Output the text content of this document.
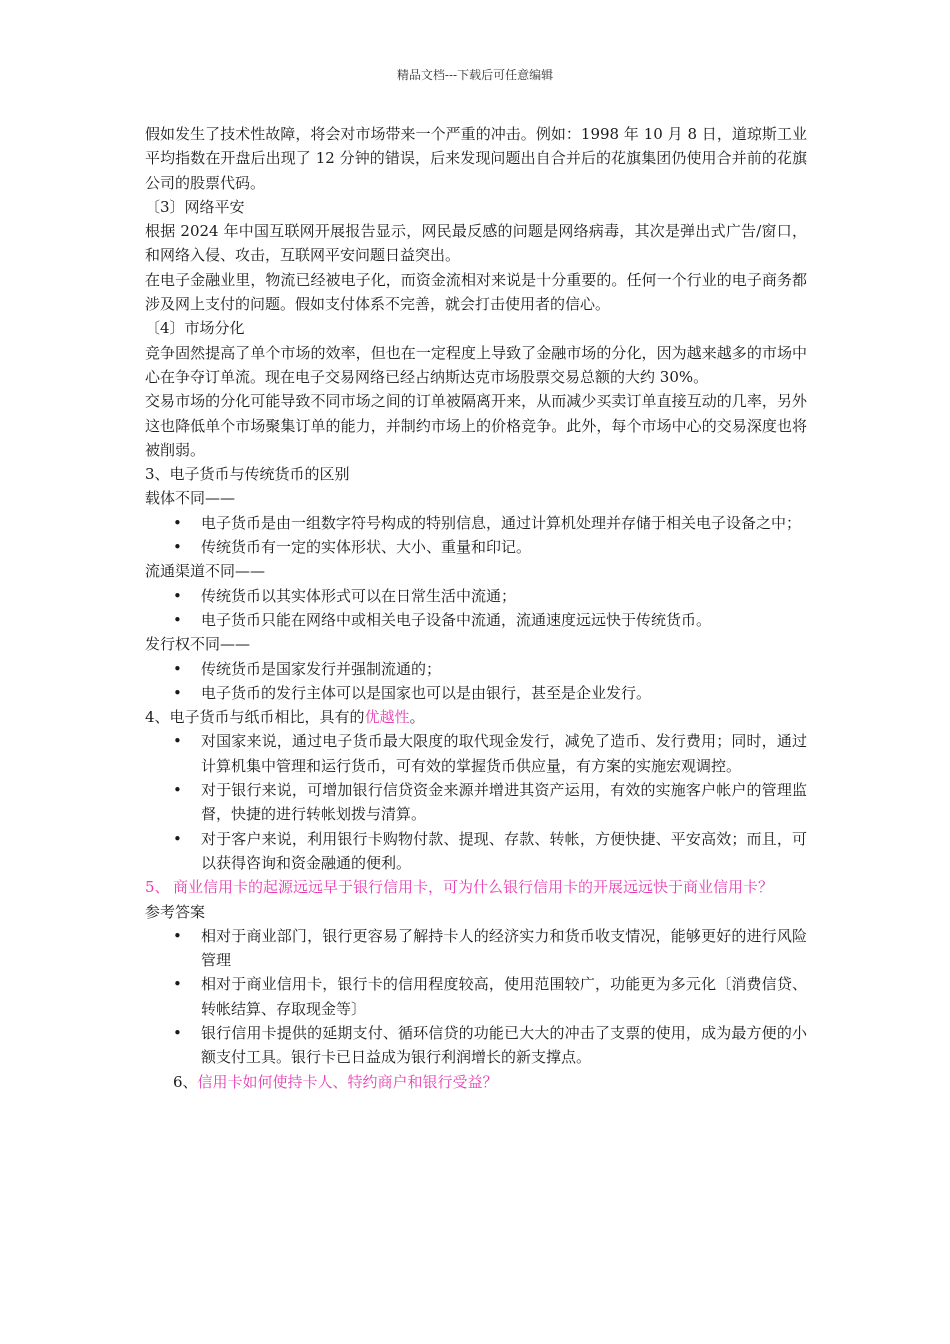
精品文档---下载后可任意编辑

假如发生了技术性故障，将会对市场带来一个严重的冲击。例如：1998 年 10 月 8 日，道琼斯工业平均指数在开盘后出现了 12 分钟的错误，后来发现问题出自合并后的花旗集团仍使用合并前的花旗公司的股票代码。

〔3〕网络平安

根据 2024 年中国互联网开展报告显示，网民最反感的问题是网络病毒，其次是弹出式广告/窗口，和网络入侵、攻击，互联网平安问题日益突出。

在电子金融业里，物流已经被电子化，而资金流相对来说是十分重要的。任何一个行业的电子商务都涉及网上支付的问题。假如支付体系不完善，就会打击使用者的信心。

〔4〕市场分化

竞争固然提高了单个市场的效率，但也在一定程度上导致了金融市场的分化，因为越来越多的市场中心在争夺订单流。现在电子交易网络已经占纳斯达克市场股票交易总额的大约 30%。

交易市场的分化可能导致不同市场之间的订单被隔离开来，从而减少买卖订单直接互动的几率，另外这也降低单个市场聚集订单的能力，并制约市场上的价格竞争。此外，每个市场中心的交易深度也将被削弱。

3、电子货币与传统货币的区别

载体不同——

• 电子货币是由一组数字符号构成的特别信息，通过计算机处理并存储于相关电子设备之中；
• 传统货币有一定的实体形状、大小、重量和印记。

流通渠道不同——

• 传统货币以其实体形式可以在日常生活中流通；
• 电子货币只能在网络中或相关电子设备中流通，流通速度远远快于传统货币。

发行权不同——

• 传统货币是国家发行并强制流通的；
• 电子货币的发行主体可以是国家也可以是由银行，甚至是企业发行。

4、电子货币与纸币相比，具有的优越性。

• 对国家来说，通过电子货币最大限度的取代现金发行，减免了造币、发行费用；同时，通过计算机集中管理和运行货币，可有效的掌握货币供应量，有方案的实施宏观调控。
• 对于银行来说，可增加银行信贷资金来源并增进其资产运用，有效的实施客户帐户的管理监督，快捷的进行转帐划拨与清算。
• 对于客户来说，利用银行卡购物付款、提现、存款、转帐，方便快捷、平安高效；而且，可以获得咨询和资金融通的便利。

5、 商业信用卡的起源远远早于银行信用卡，可为什么银行信用卡的开展远远快于商业信用卡？

参考答案

• 相对于商业部门，银行更容易了解持卡人的经济实力和货币收支情况，能够更好的进行风险管理
• 相对于商业信用卡，银行卡的信用程度较高，使用范围较广，功能更为多元化〔消费信贷、转帐结算、存取现金等〕
• 银行信用卡提供的延期支付、循环信贷的功能已大大的冲击了支票的使用，成为最方便的小额支付工具。银行卡已日益成为银行利润增长的新支撑点。

6、信用卡如何使持卡人、特约商户和银行受益？
